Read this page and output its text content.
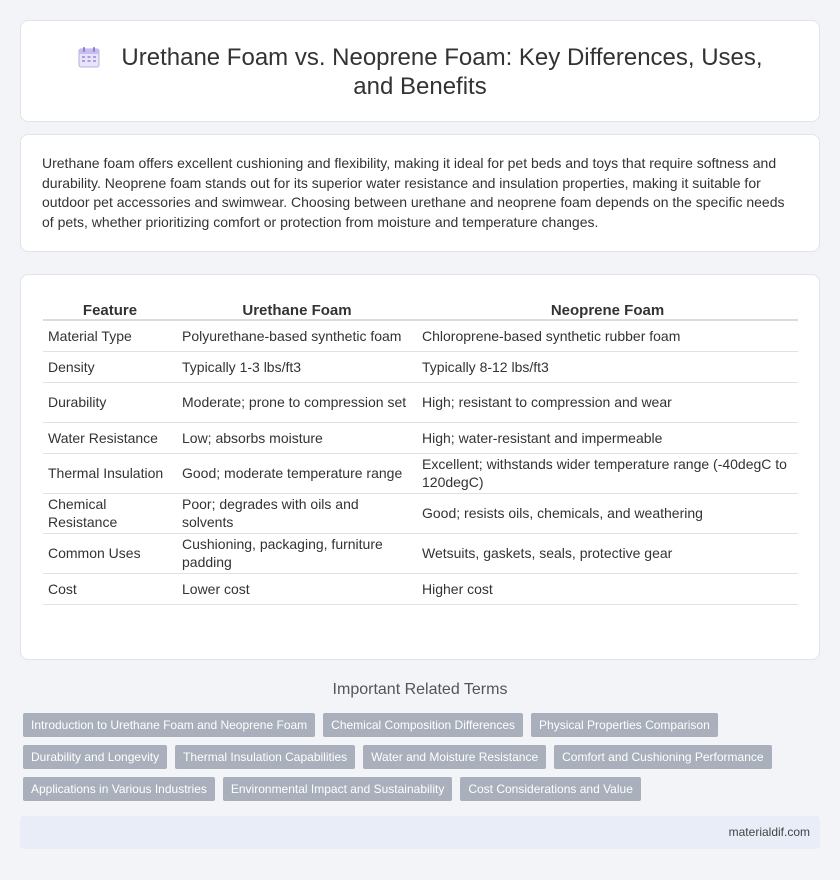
Urethane Foam vs. Neoprene Foam: Key Differences, Uses, and Benefits

Urethane foam offers excellent cushioning and flexibility, making it ideal for pet beds and toys that require softness and durability. Neoprene foam stands out for its superior water resistance and insulation properties, making it suitable for outdoor pet accessories and swimwear. Choosing between urethane and neoprene foam depends on the specific needs of pets, whether prioritizing comfort or protection from moisture and temperature changes.

Feature	Urethane Foam	Neoprene Foam
Material Type	Polyurethane-based synthetic foam	Chloroprene-based synthetic rubber foam
Density	Typically 1-3 lbs/ft3	Typically 8-12 lbs/ft3
Durability	Moderate; prone to compression set	High; resistant to compression and wear
Water Resistance	Low; absorbs moisture	High; water-resistant and impermeable
Thermal Insulation	Good; moderate temperature range	Excellent; withstands wider temperature range (-40degC to 120degC)
Chemical Resistance	Poor; degrades with oils and solvents	Good; resists oils, chemicals, and weathering
Common Uses	Cushioning, packaging, furniture padding	Wetsuits, gaskets, seals, protective gear
Cost	Lower cost	Higher cost
Important Related Terms
Introduction to Urethane Foam and Neoprene Foam	Chemical Composition Differences	Physical Properties Comparison
Durability and Longevity	Thermal Insulation Capabilities	Water and Moisture Resistance	Comfort and Cushioning Performance
Applications in Various Industries	Environmental Impact and Sustainability	Cost Considerations and Value
materialdif.com
